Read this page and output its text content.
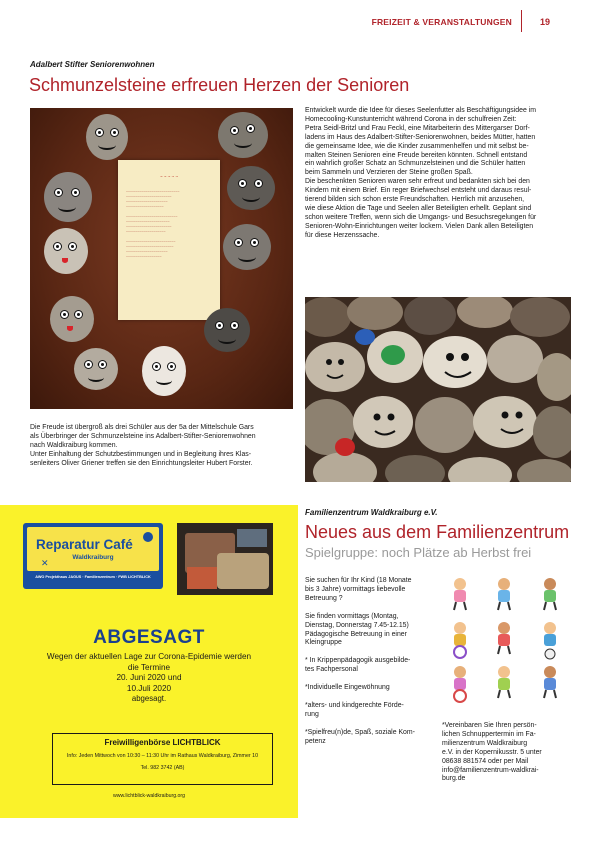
FREIZEIT & VERANSTALTUNGEN	19
Adalbert Stifter Seniorenwohnen
Schmunzelsteine erfreuen Herzen der Senioren
~ ~ ~ ~ ~
~~~~~~~~~~~~~~~~~~~~~~~~~~~
~~~~~~~~~~~~~~~~~~~~~~~
~~~~~~~~~~~~~~~~~~~~~
~~~~~~~~~~~~~~~~~~~

~~~~~~~~~~~~~~~~~~~~~~~~~~
~~~~~~~~~~~~~~~~~~~~~~
~~~~~~~~~~~~~~~~~~~~~~~
~~~~~~~~~~~~~~~~~~~~

~~~~~~~~~~~~~~~~~~~~~~~~~
~~~~~~~~~~~~~~~~~~~~~~~~
~~~~~~~~~~~~~~~~~~~~~
~~~~~~~~~~~~~~~~~~
Entwickelt wurde die Idee für dieses Seelenfutter als Beschäftigungsidee im
Homecooling-Kunstunterricht während Corona in der schulfreien Zeit:
Petra Seidl-Britzl und Frau Feckl, eine Mitarbeiterin des Mittergarser Dorf-
ladens im Haus des Adalbert-Stifter-Seniorenwohnen, beides Mütter, hatten
die gemeinsame Idee, wie die Kinder zusammenhelfen und mit selbst be-
malten Steinen Senioren eine Freude bereiten könnten. Schnell entstand
ein wahrlich großer Schatz an Schmunzelsteinen und die Schüler hatten
beim Sammeln und Verzieren der Steine großen Spaß.
Die beschenkten Senioren waren sehr erfreut und bedankten sich bei den
Kindern mit einem Brief. Ein reger Briefwechsel entsteht und daraus resul-
tierend bilden sich schon erste Freundschaften. Herrlich mit anzusehen,
wie diese Aktion die Tage und Seelen aller Beteiligten erhellt. Geplant sind
schon weitere Treffen, wenn sich die Umgangs- und Besuchsregelungen für
Senioren-Wohn-Einrichtungen weiter lockern. Vielen Dank allen Beteiligten
für diese Herzenssache.
Die Freude ist übergroß als drei Schüler aus der 5a der Mittelschule Gars
als Überbringer der Schmunzelsteine ins Adalbert-Stifter-Seniorenwohnen
nach Waldkraiburg kommen.
Unter Einhaltung der Schutzbestimmungen und in Begleitung ihres Klas-
senleiters Oliver Griener treffen sie den Einrichtungsleiter Hubert Forster.
Reparatur Café
Waldkraiburg
✕
AWO Projekthaus JAGUS · Familienzentrum · FWB LICHTBLICK
ABGESAGT
Wegen der aktuellen Lage zur Corona-Epidemie werden
die Termine
20. Juni 2020 und
10.Juli 2020
abgesagt.
Freiwilligenbörse LICHTBLICK
Info: Jeden Mittwoch von 10:30 – 11:30 Uhr im Rathaus Waldkraiburg, Zimmer 10
Tel. 982 3742 (AB)
www.lichtblick-waldkraiburg.org
Familienzentrum Waldkraiburg e.V.
Neues aus dem Familienzentrum
Spielgruppe: noch Plätze ab Herbst frei
Sie suchen für Ihr Kind (18 Monate
bis 3 Jahre) vormittags liebevolle
Betreuung ?
Sie finden vormittags (Montag,
Dienstag, Donnerstag 7.45-12.15)
Pädagogische Betreuung in einer
Kleingruppe
* In Krippenpädagogik ausgebilde-
tes Fachpersonal
*Individuelle Eingewöhnung
*alters- und kindgerechte Förde-
rung
*Spielfreu(n)de, Spaß, soziale Kom-
petenz
*Vereinbaren Sie Ihren persön-
lichen Schnuppertermin im Fa-
milienzentrum Waldkraiburg
e.V. in der Kopernikusstr. 5 unter
08638 881574 oder per Mail
info@familienzentrum-waldkrai-
burg.de
